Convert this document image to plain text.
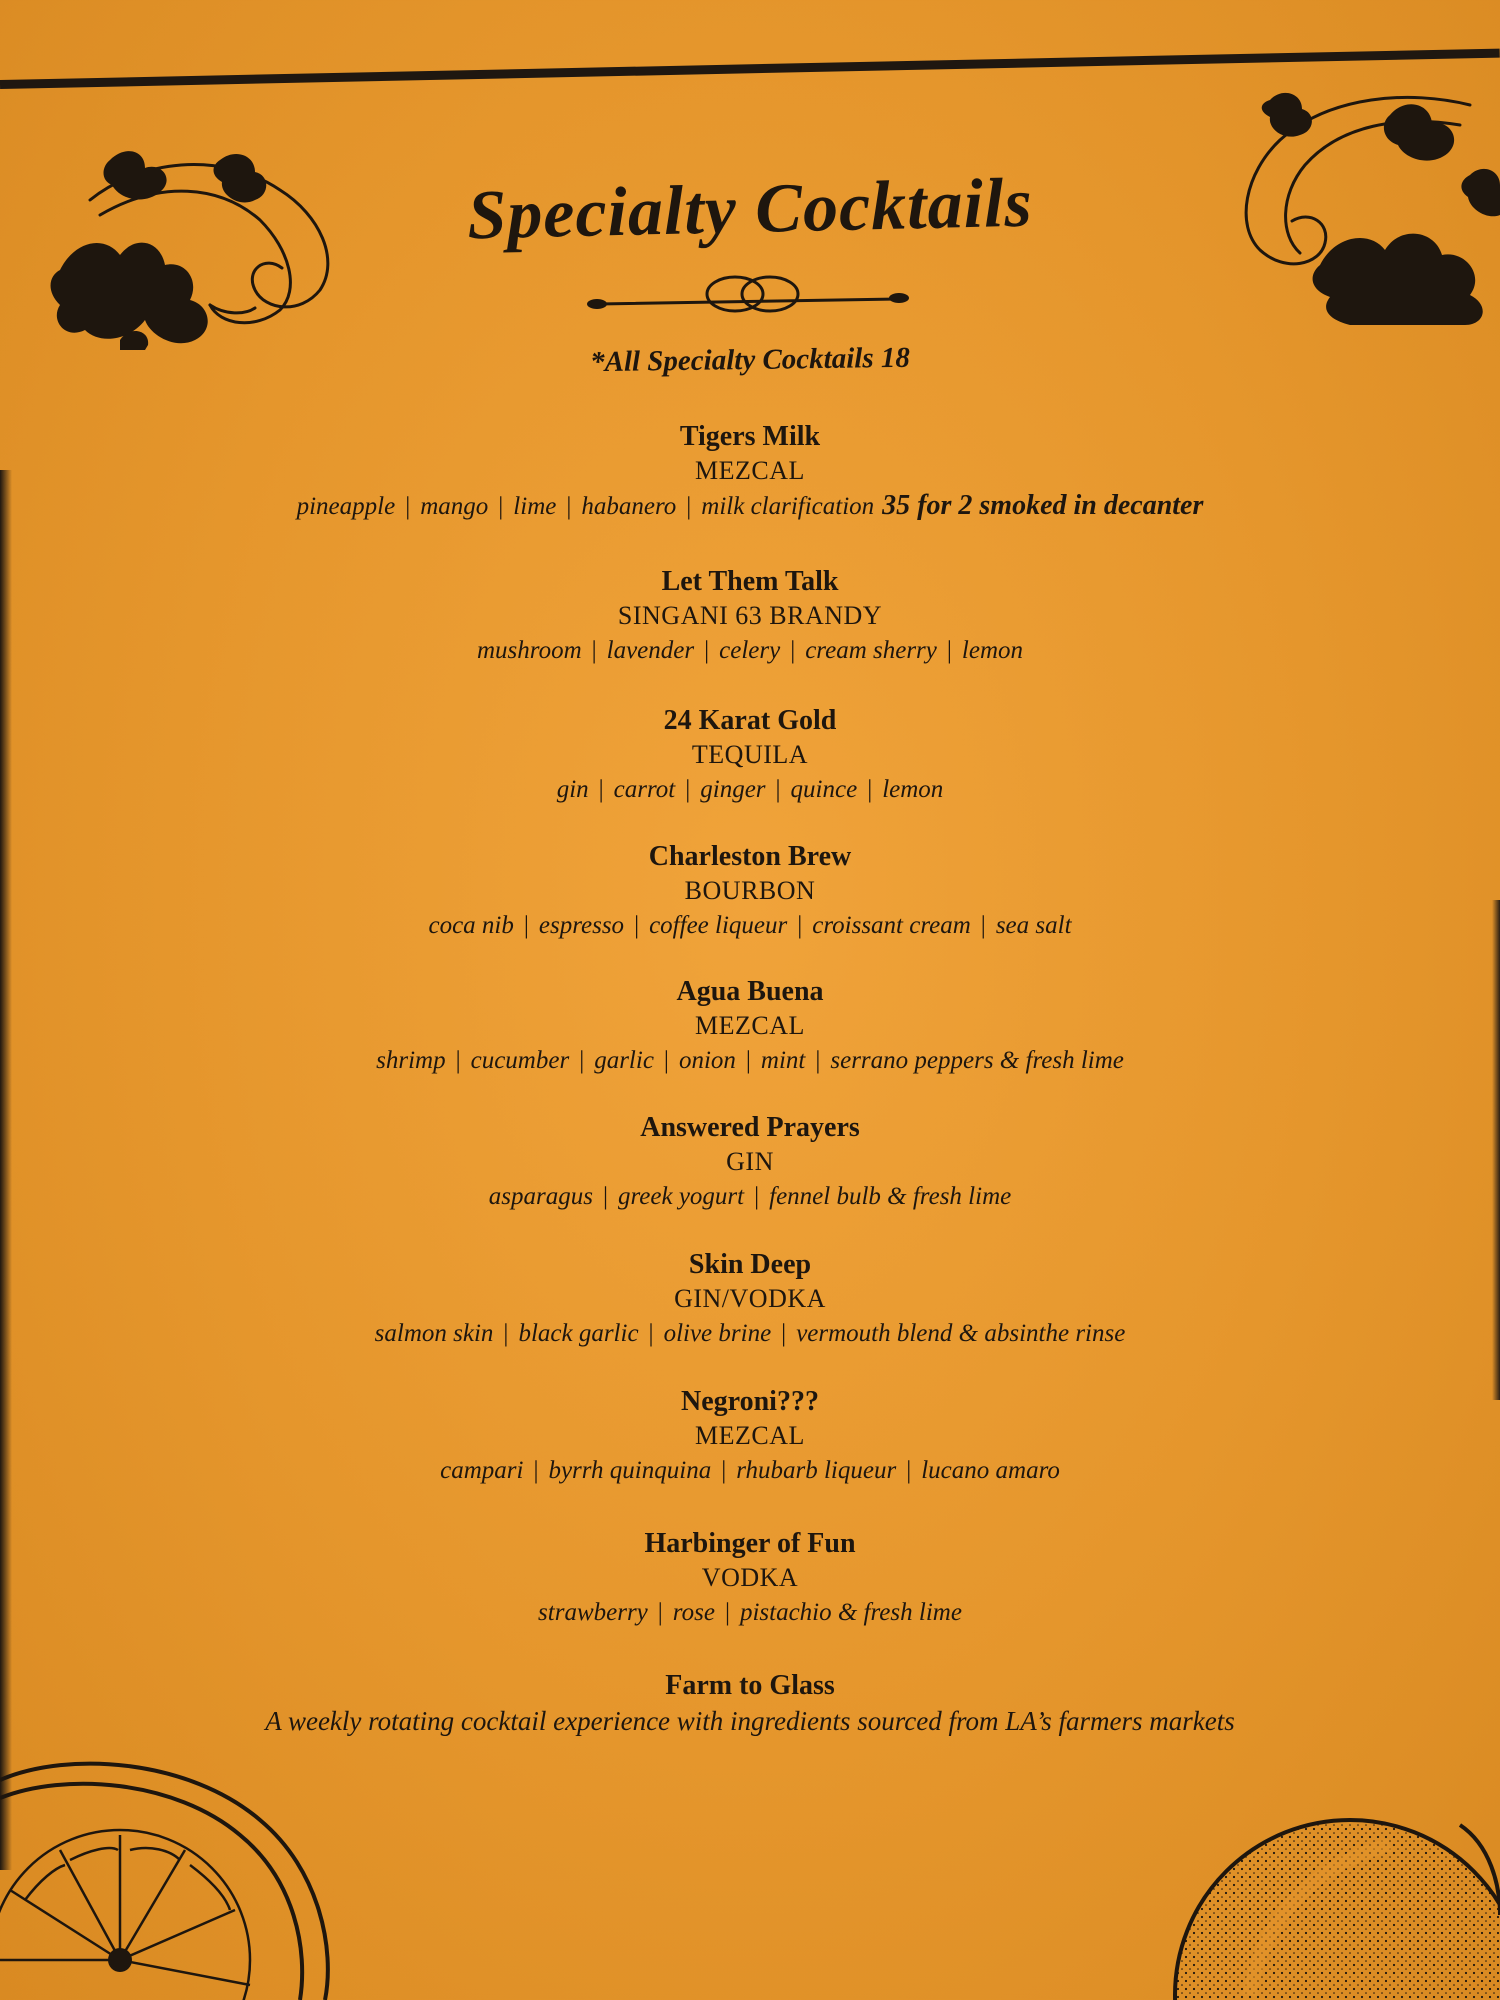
Specialty Cocktails
*All Specialty Cocktails 18
Tigers Milk
MEZCAL
pineapple | mango | lime | habanero | milk clarification 35 for 2 smoked in decanter
Let Them Talk
SINGANI 63 BRANDY
mushroom | lavender | celery | cream sherry | lemon
24 Karat Gold
TEQUILA
gin | carrot | ginger | quince | lemon
Charleston Brew
BOURBON
coca nib | espresso | coffee liqueur | croissant cream | sea salt
Agua Buena
MEZCAL
shrimp | cucumber | garlic | onion | mint | serrano peppers & fresh lime
Answered Prayers
GIN
asparagus | greek yogurt | fennel bulb & fresh lime
Skin Deep
GIN/VODKA
salmon skin | black garlic | olive brine | vermouth blend & absinthe rinse
Negroni???
MEZCAL
campari | byrrh quinquina | rhubarb liqueur | lucano amaro
Harbinger of Fun
VODKA
strawberry | rose | pistachio & fresh lime
Farm to Glass
A weekly rotating cocktail experience with ingredients sourced from LA’s farmers markets
